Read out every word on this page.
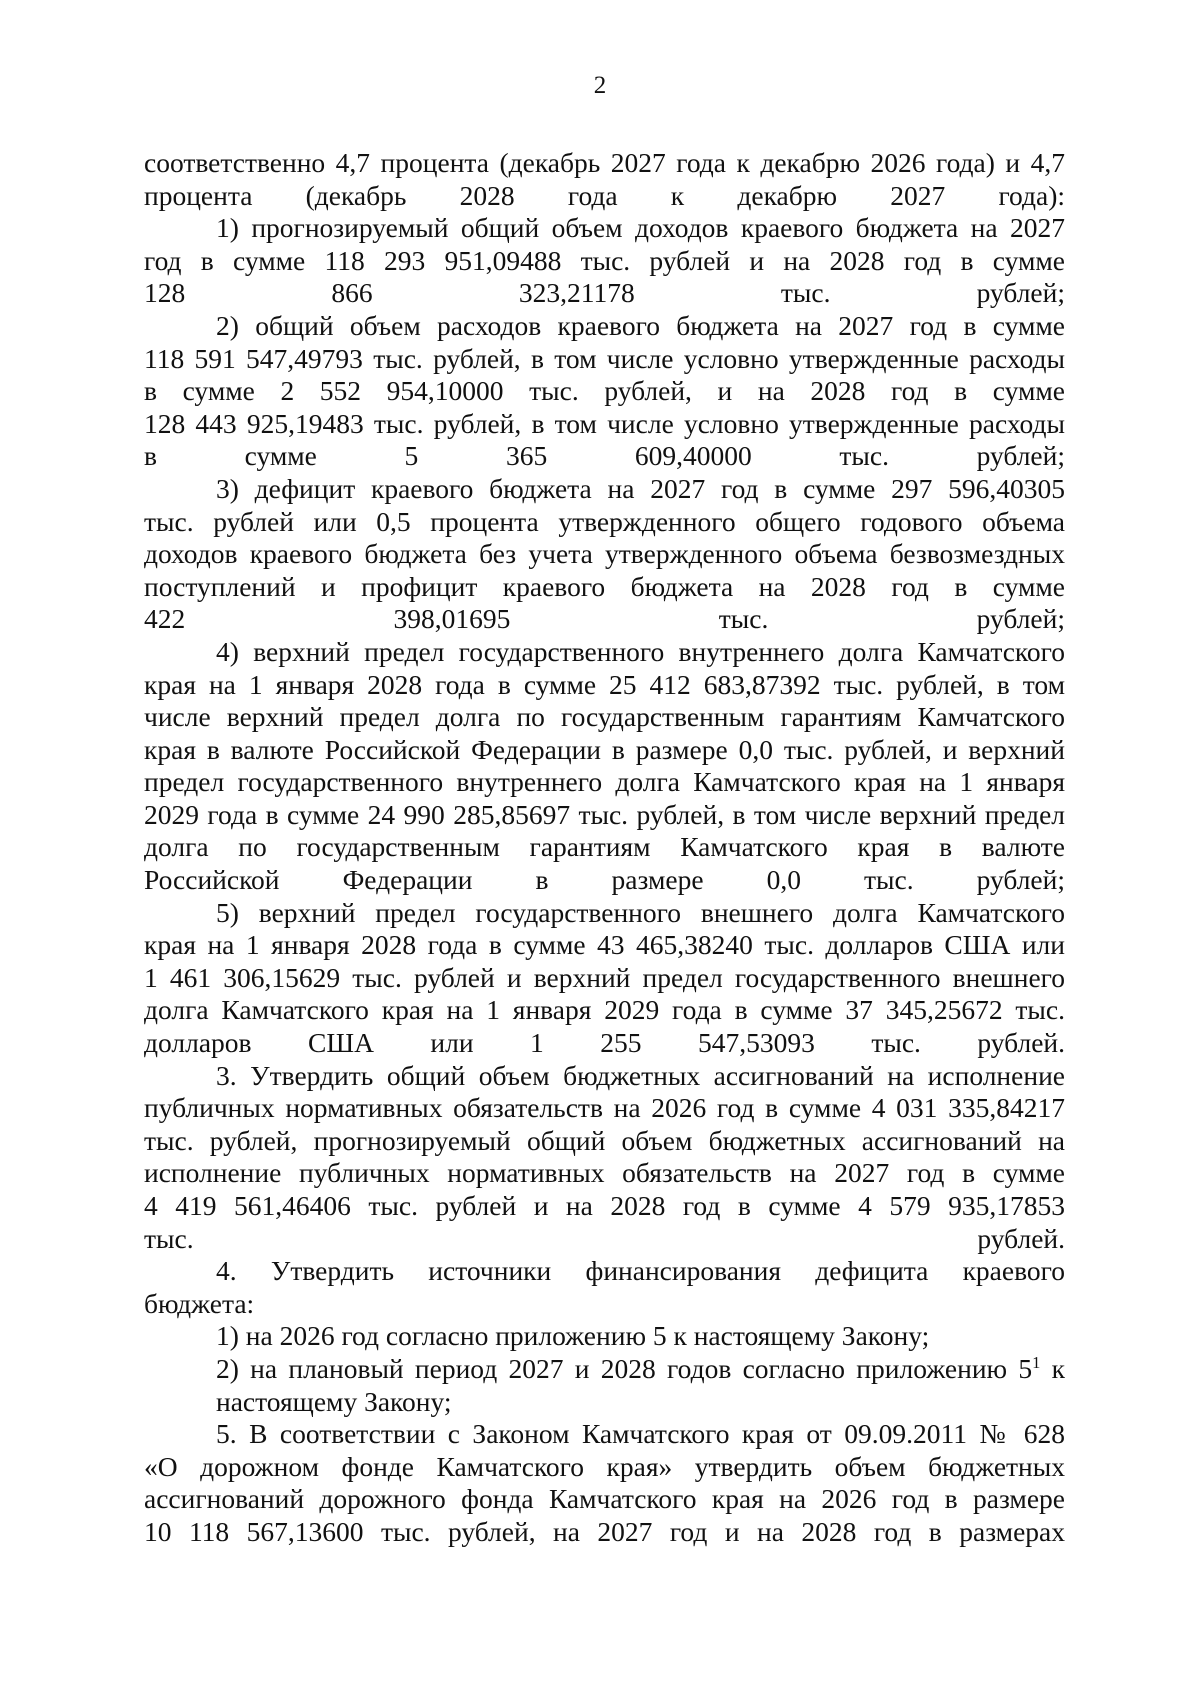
2

соответственно 4,7 процента (декабрь 2027 года к декабрю 2026 года) и 4,7
процента (декабрь 2028 года к декабрю 2027 года):

1) прогнозируемый общий объем доходов краевого бюджета на 2027
год в сумме 118 293 951,09488 тыс. рублей и на 2028 год в сумме
128 866 323,21178 тыс. рублей;

2) общий объем расходов краевого бюджета на 2027 год в сумме
118 591 547,49793 тыс. рублей, в том числе условно утвержденные расходы
в сумме 2 552 954,10000 тыс. рублей, и на 2028 год в сумме
128 443 925,19483 тыс. рублей, в том числе условно утвержденные расходы
в сумме 5 365 609,40000 тыс. рублей;

3) дефицит краевого бюджета на 2027 год в сумме 297 596,40305
тыс. рублей или 0,5 процента утвержденного общего годового объема
доходов краевого бюджета без учета утвержденного объема безвозмездных
поступлений и профицит краевого бюджета на 2028 год в сумме
422 398,01695 тыс. рублей;

4) верхний предел государственного внутреннего долга Камчатского
края на 1 января 2028 года в сумме 25 412 683,87392 тыс. рублей, в том
числе верхний предел долга по государственным гарантиям Камчатского
края в валюте Российской Федерации в размере 0,0 тыс. рублей, и верхний
предел государственного внутреннего долга Камчатского края на 1 января
2029 года в сумме 24 990 285,85697 тыс. рублей, в том числе верхний предел
долга по государственным гарантиям Камчатского края в валюте
Российской Федерации в размере 0,0 тыс. рублей;

5) верхний предел государственного внешнего долга Камчатского
края на 1 января 2028 года в сумме 43 465,38240 тыс. долларов США или
1 461 306,15629 тыс. рублей и верхний предел государственного внешнего
долга Камчатского края на 1 января 2029 года в сумме 37 345,25672 тыс.
долларов США или 1 255 547,53093 тыс. рублей.

3. Утвердить общий объем бюджетных ассигнований на исполнение
публичных нормативных обязательств на 2026 год в сумме 4 031 335,84217
тыс. рублей, прогнозируемый общий объем бюджетных ассигнований на
исполнение публичных нормативных обязательств на 2027 год в сумме
4 419 561,46406 тыс. рублей и на 2028 год в сумме 4 579 935,17853
тыс. рублей.

4. Утвердить источники финансирования дефицита краевого
бюджета:

1) на 2026 год согласно приложению 5 к настоящему Закону;

2) на плановый период 2027 и 2028 годов согласно приложению $5^1$ к
настоящему Закону;

5. В соответствии с Законом Камчатского края от 09.09.2011 № 628
«О дорожном фонде Камчатского края» утвердить объем бюджетных
ассигнований дорожного фонда Камчатского края на 2026 год в размере
10 118 567,13600 тыс. рублей, на 2027 год и на 2028 год в размерах
